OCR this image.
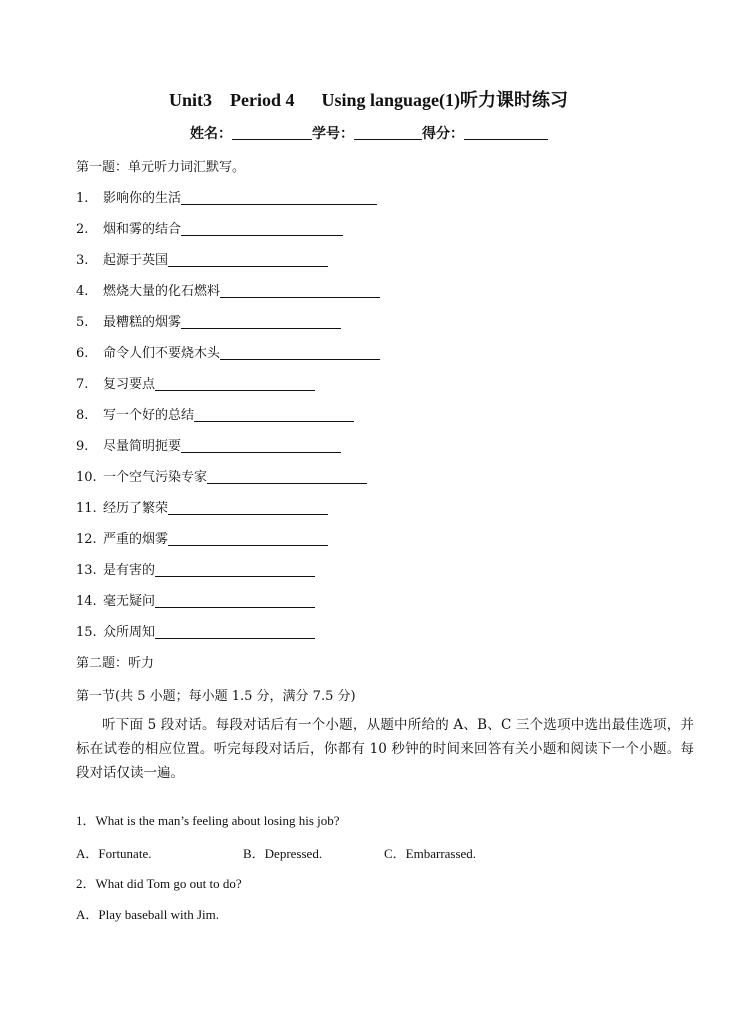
Unit3    Period 4      Using language(1)听力课时练习
姓名：	学号：	得分：
第一题：单元听力词汇默写。
1. 影响你的生活
2. 烟和雾的结合
3. 起源于英国
4. 燃烧大量的化石燃料
5. 最糟糕的烟雾
6. 命令人们不要烧木头
7. 复习要点
8. 写一个好的总结
9. 尽量简明扼要
10. 一个空气污染专家
11. 经历了繁荣
12. 严重的烟雾
13. 是有害的
14. 毫无疑问
15. 众所周知
第二题：听力
第一节(共 5 小题；每小题 1.5 分，满分 7.5 分)
听下面 5 段对话。每段对话后有一个小题，从题中所给的 A、B、C 三个选项中选出最佳选项，并标在试卷的相应位置。听完每段对话后，你都有 10 秒钟的时间来回答有关小题和阅读下一个小题。每段对话仅读一遍。
1．What is the man’s feeling about losing his job?
A．Fortunate.	B．Depressed.	C．Embarrassed.
2．What did Tom go out to do?
A．Play baseball with Jim.
